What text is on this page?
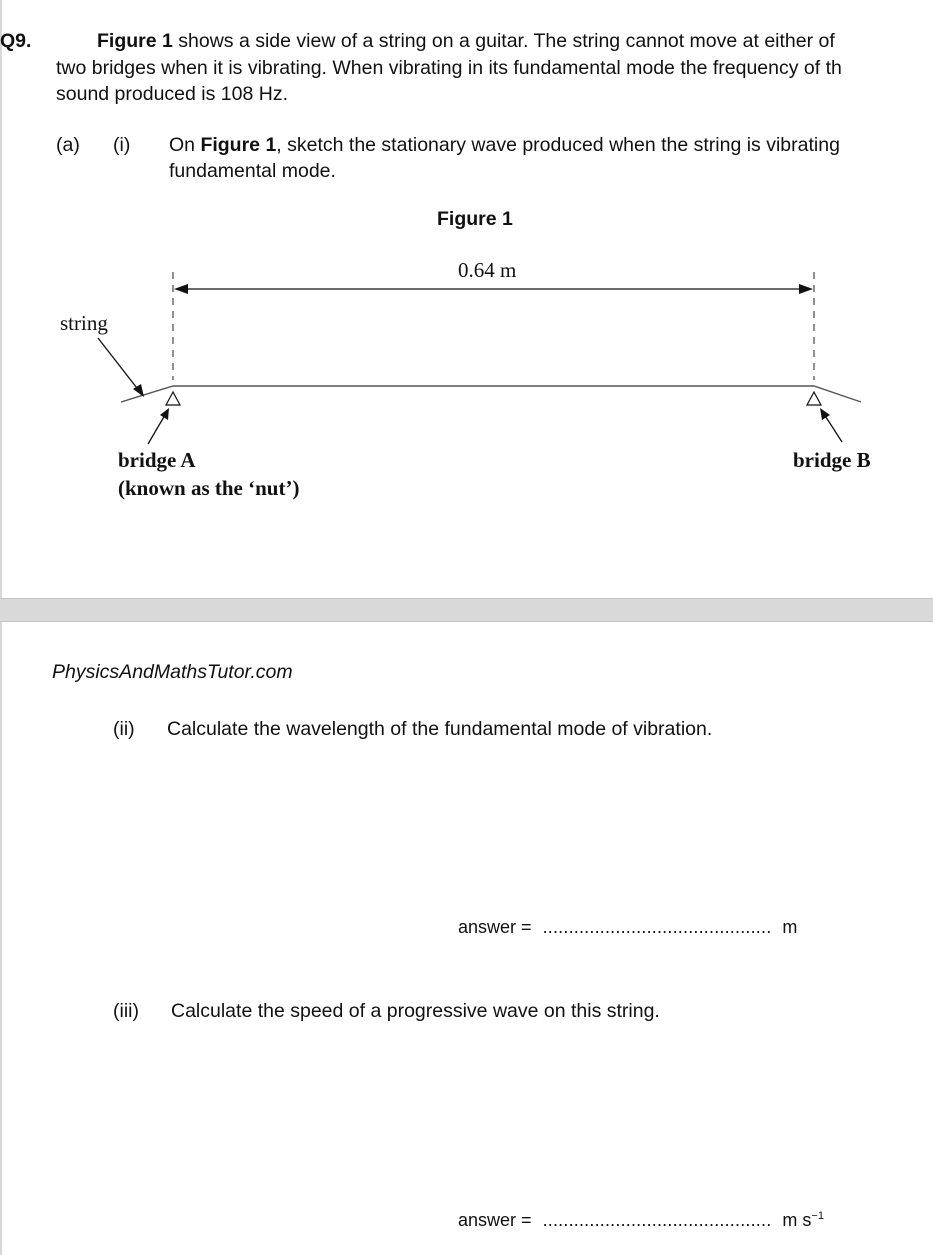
Q9.	Figure 1 shows a side view of a string on a guitar. The string cannot move at either of
two bridges when it is vibrating. When vibrating in its fundamental mode the frequency of th
sound produced is 108 Hz.
(a) (i) On Figure 1, sketch the stationary wave produced when the string is vibrating
fundamental mode.
Figure 1
0.64 m
string
bridge A	bridge B
(known as the ‘nut’)
PhysicsAndMathsTutor.com
(ii) Calculate the wavelength of the fundamental mode of vibration.
answer = ............................................ m
(iii) Calculate the speed of a progressive wave on this string.
answer = ............................................ m $s^{-1}$
